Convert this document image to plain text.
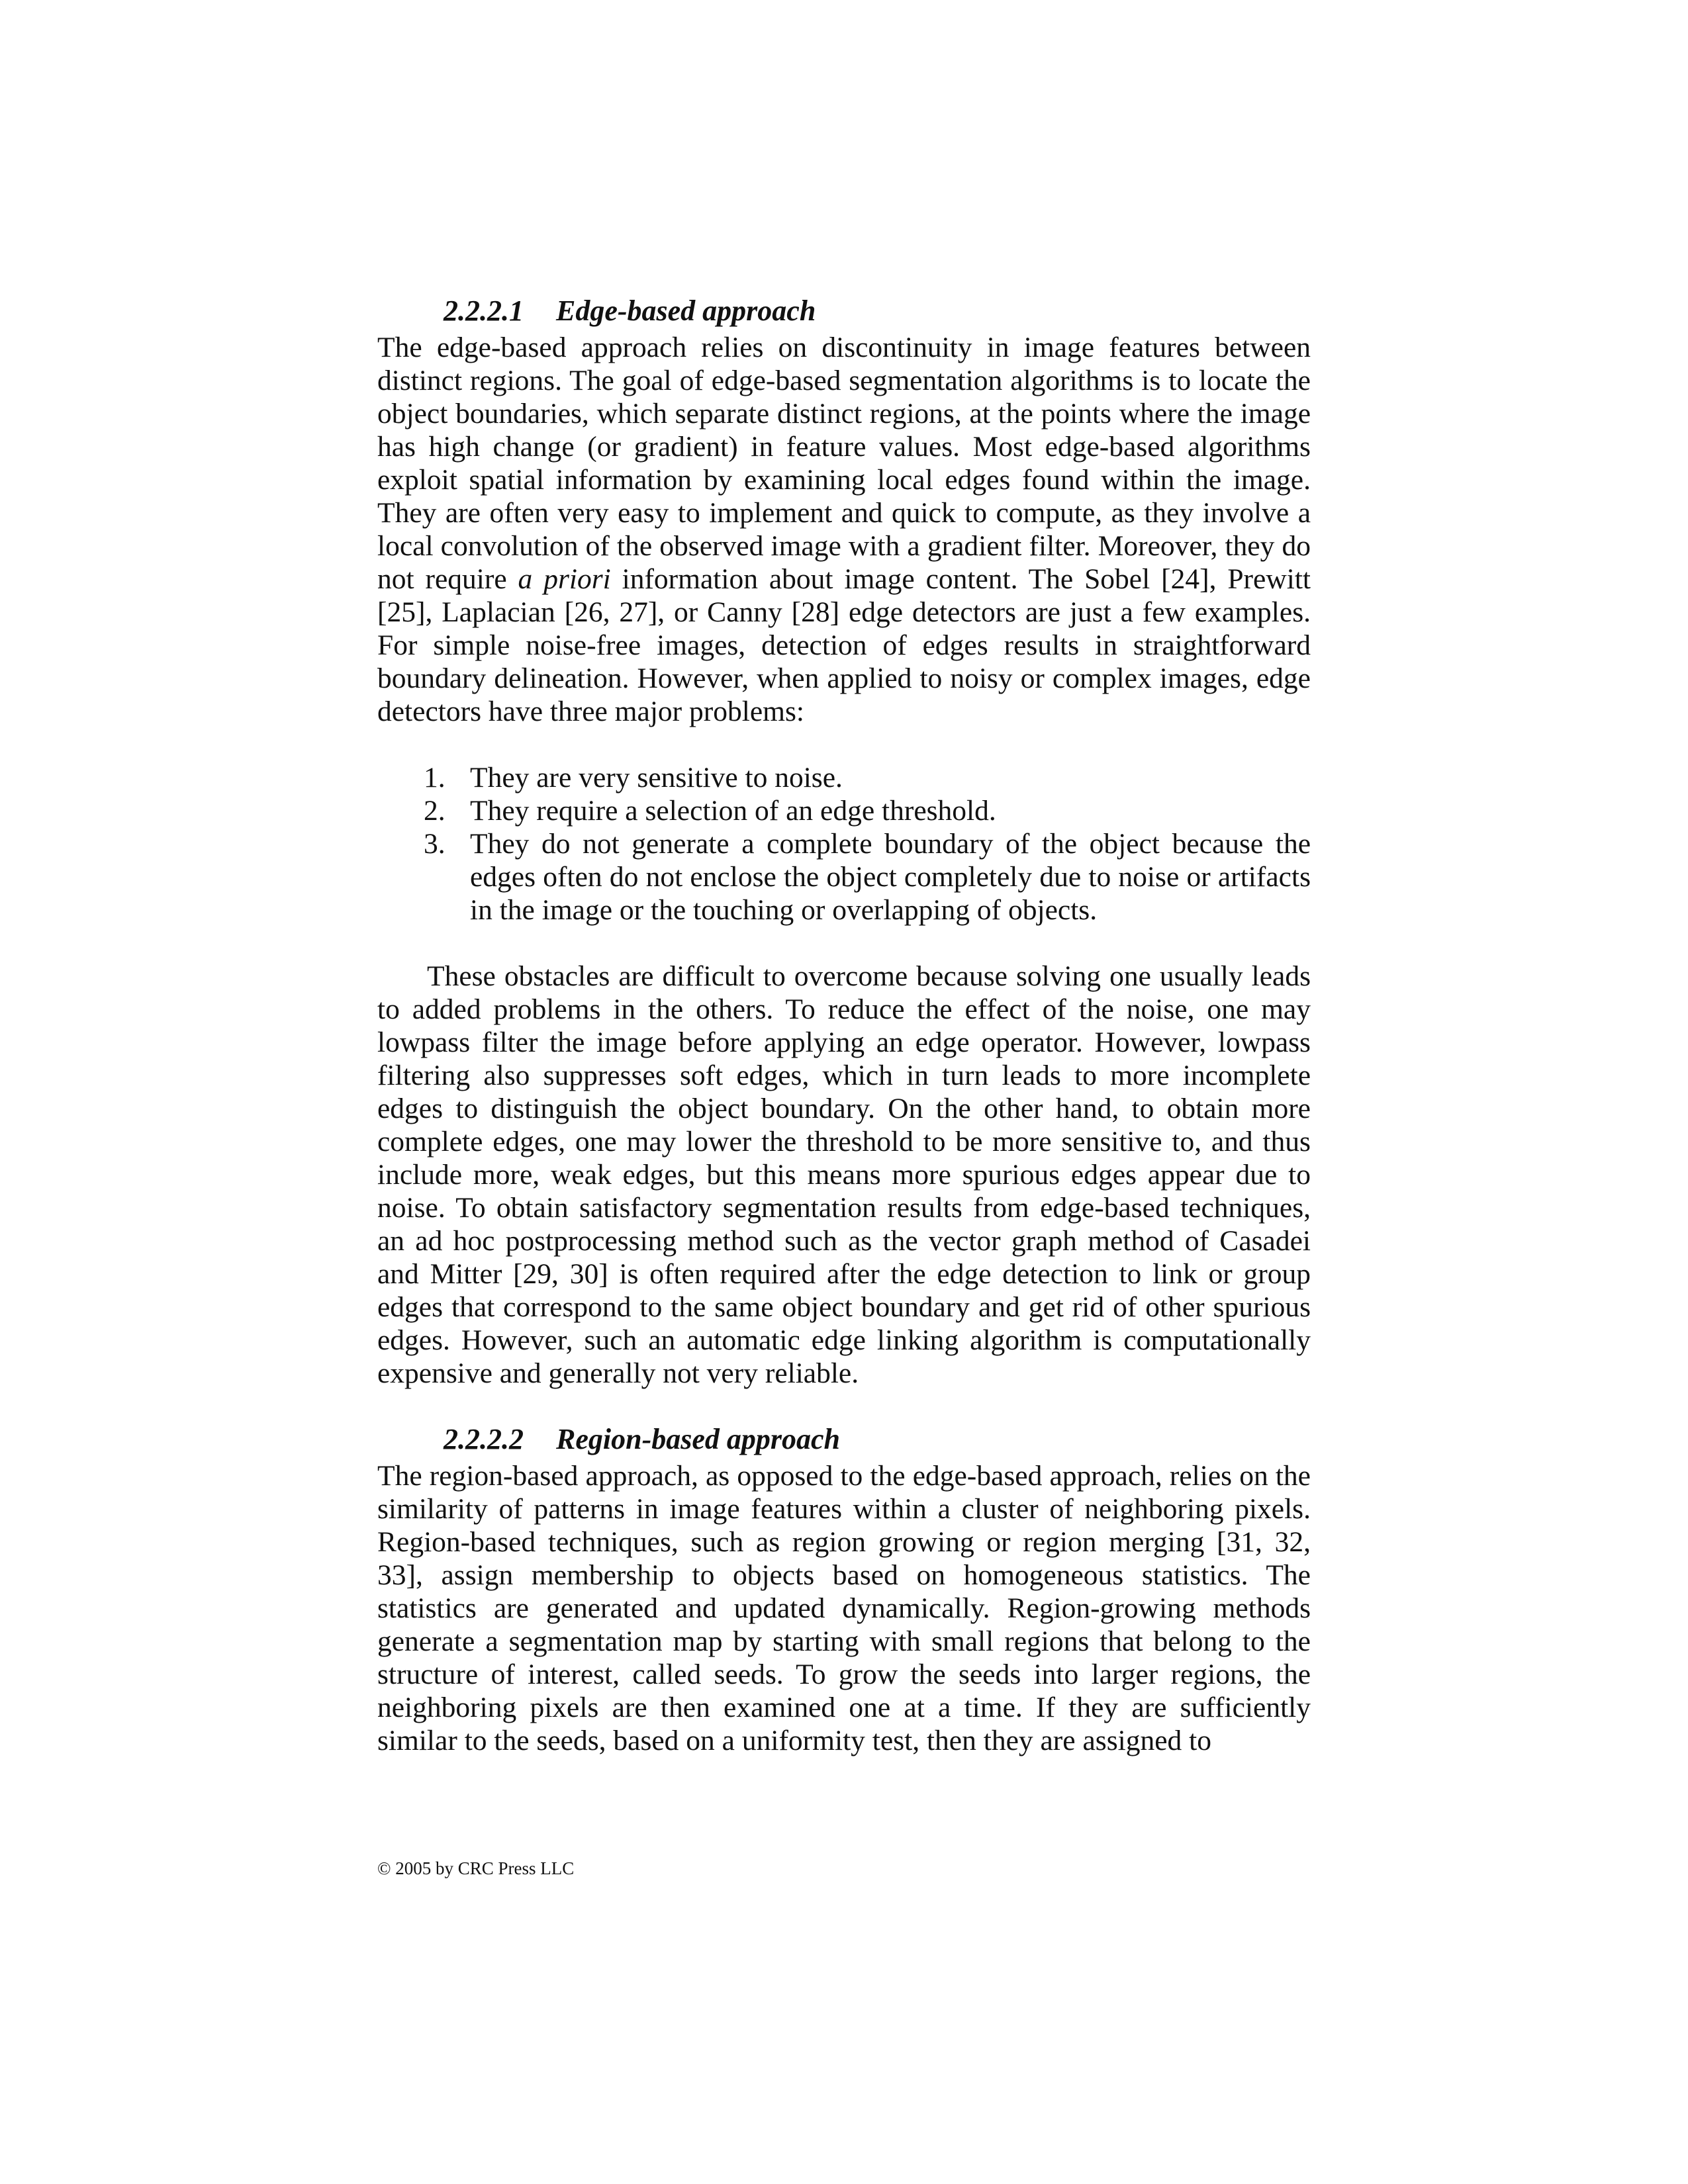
2.2.2.1 Edge-based approach

The edge-based approach relies on discontinuity in image features between distinct regions. The goal of edge-based segmentation algorithms is to locate the object boundaries, which separate distinct regions, at the points where the image has high change (or gradient) in feature values. Most edge-based algorithms exploit spatial information by examining local edges found within the image. They are often very easy to implement and quick to compute, as they involve a local convolution of the observed image with a gradient filter. Moreover, they do not require a priori information about image content. The Sobel [24], Prewitt [25], Laplacian [26, 27], or Canny [28] edge detectors are just a few examples. For simple noise-free images, detection of edges results in straightforward boundary delineation. However, when applied to noisy or complex images, edge detectors have three major problems:

1. They are very sensitive to noise.
2. They require a selection of an edge threshold.
3. They do not generate a complete boundary of the object because the edges often do not enclose the object completely due to noise or artifacts in the image or the touching or overlapping of objects.

These obstacles are difficult to overcome because solving one usually leads to added problems in the others. To reduce the effect of the noise, one may lowpass filter the image before applying an edge operator. However, lowpass filtering also suppresses soft edges, which in turn leads to more incomplete edges to distinguish the object boundary. On the other hand, to obtain more complete edges, one may lower the threshold to be more sensitive to, and thus include more, weak edges, but this means more spurious edges appear due to noise. To obtain satisfactory segmentation results from edge-based techniques, an ad hoc postprocessing method such as the vector graph method of Casadei and Mitter [29, 30] is often required after the edge detection to link or group edges that correspond to the same object boundary and get rid of other spurious edges. However, such an automatic edge linking algorithm is computationally expensive and generally not very reliable.

2.2.2.2 Region-based approach

The region-based approach, as opposed to the edge-based approach, relies on the similarity of patterns in image features within a cluster of neighboring pixels. Region-based techniques, such as region growing or region merging [31, 32, 33], assign membership to objects based on homogeneous statistics. The statistics are generated and updated dynamically. Region-growing methods generate a segmentation map by starting with small regions that belong to the structure of interest, called seeds. To grow the seeds into larger regions, the neighboring pixels are then examined one at a time. If they are sufficiently similar to the seeds, based on a uniformity test, then they are assigned to

© 2005 by CRC Press LLC
